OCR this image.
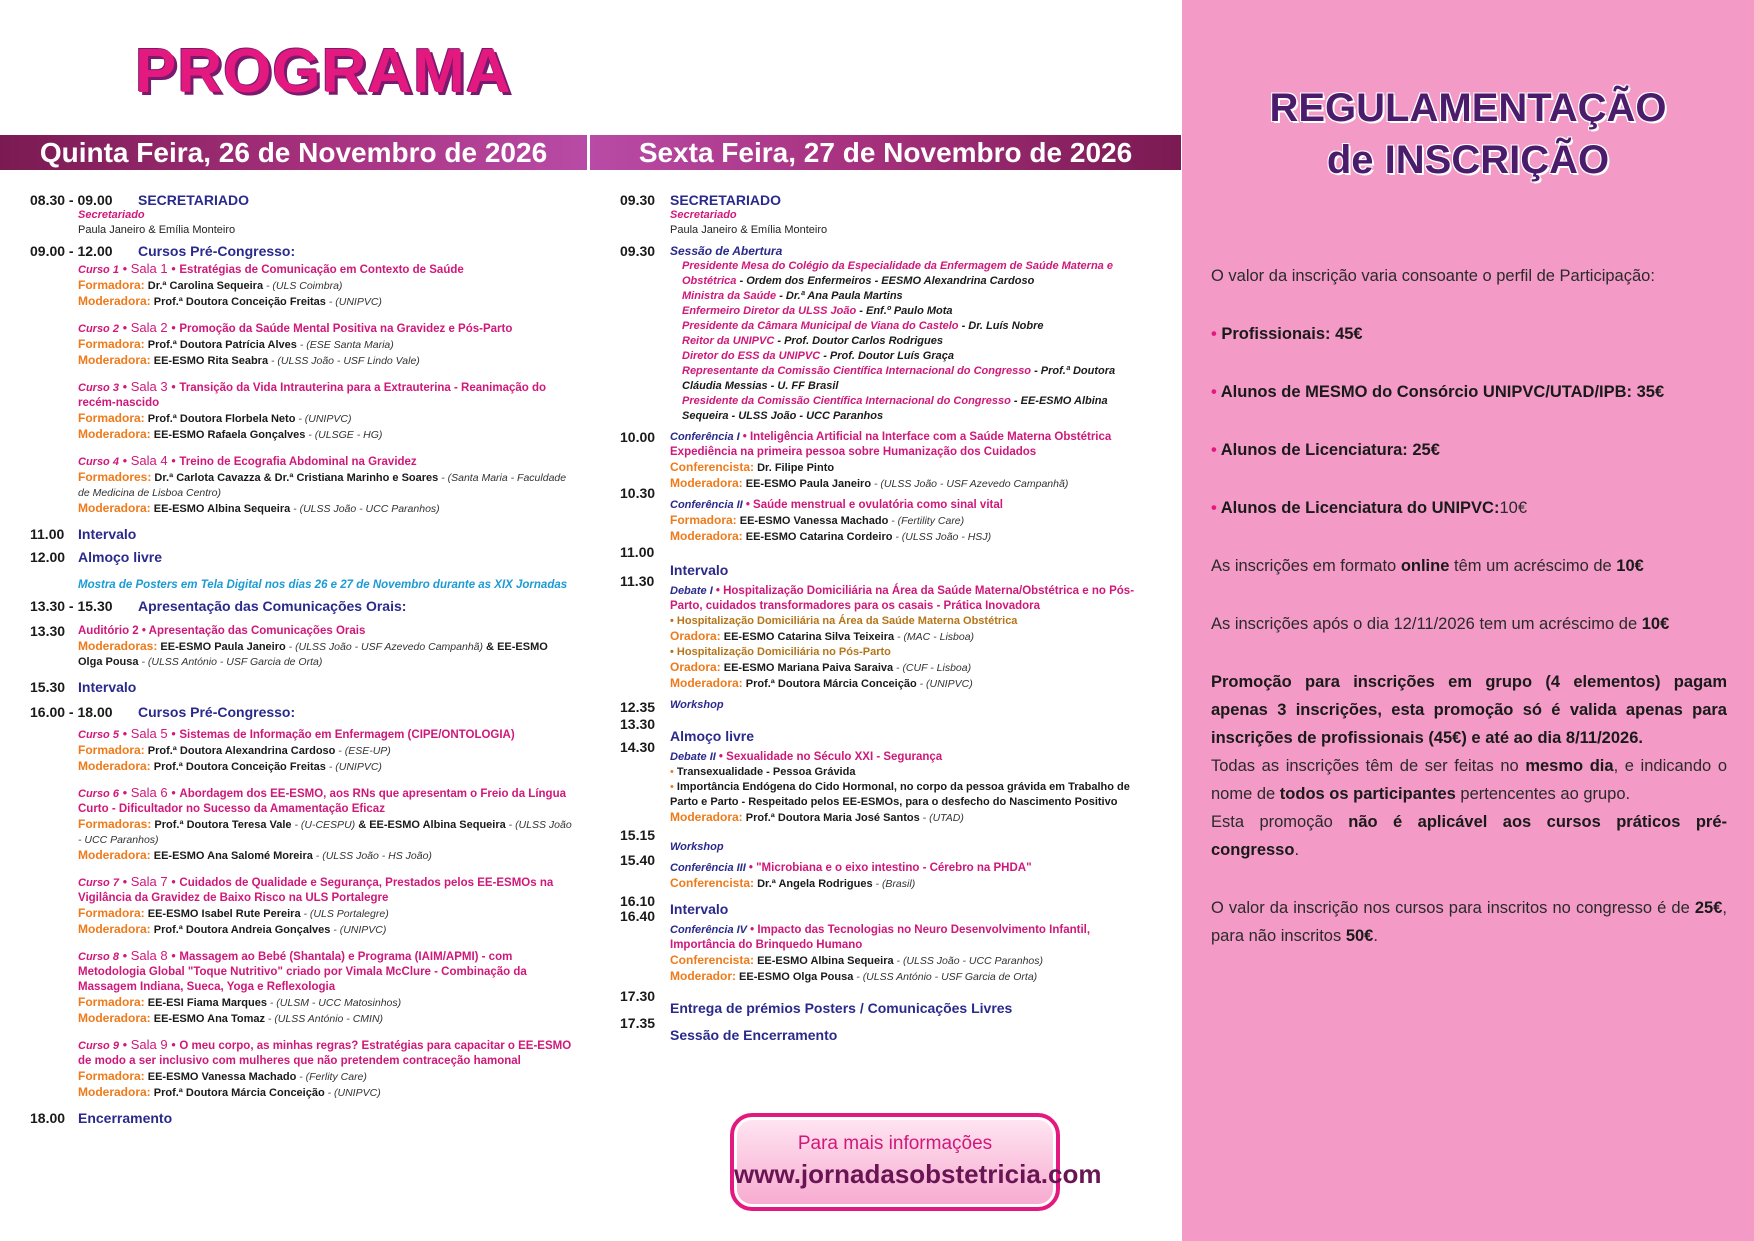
PROGRAMA
Quinta Feira, 26 de Novembro de 2026	Sexta Feira, 27 de Novembro de 2026
08.30 - 09.00 SECRETARIADO
Secretariado
Paula Janeiro & Emília Monteiro
09.00 - 12.00 Cursos Pré-Congresso:
Curso 1 • Sala 1 • Estratégias de Comunicação em Contexto de Saúde
Formadora: Dr.ª Carolina Sequeira - (ULS Coimbra)
Moderadora: Prof.ª Doutora Conceição Freitas - (UNIPVC)
Curso 2 • Sala 2 • Promoção da Saúde Mental Positiva na Gravidez e Pós-Parto
Formadora: Prof.ª Doutora Patrícia Alves - (ESE Santa Maria)
Moderadora: EE-ESMO Rita Seabra - (ULSS João - USF Lindo Vale)
Curso 3 • Sala 3 • Transição da Vida Intrauterina para a Extrauterina - Reanimação do recém-nascido
Formadora: Prof.ª Doutora Florbela Neto - (UNIPVC)
Moderadora: EE-ESMO Rafaela Gonçalves - (ULSGE - HG)
Curso 4 • Sala 4 • Treino de Ecografia Abdominal na Gravidez
Formadores: Dr.ª Carlota Cavazza & Dr.ª Cristiana Marinho e Soares - (Santa Maria - Faculdade de Medicina de Lisboa Centro)
Moderadora: EE-ESMO Albina Sequeira - (ULSS João - UCC Paranhos)
11.00 Intervalo
12.00 Almoço livre
Mostra de Posters em Tela Digital nos dias 26 e 27 de Novembro durante as XIX Jornadas
13.30 - 15.30 Apresentação das Comunicações Orais:
13.30 Auditório 2 • Apresentação das Comunicações Orais
Moderadoras: EE-ESMO Paula Janeiro - (ULSS João - USF Azevedo Campanhã) & EE-ESMO Olga Pousa - (ULSS António - USF Garcia de Orta)
15.30 Intervalo
16.00 - 18.00 Cursos Pré-Congresso:
Curso 5 • Sala 5 • Sistemas de Informação em Enfermagem (CIPE/ONTOLOGIA)
Formadora: Prof.ª Doutora Alexandrina Cardoso - (ESE-UP)
Moderadora: Prof.ª Doutora Conceição Freitas - (UNIPVC)
Curso 6 • Sala 6 • Abordagem dos EE-ESMO, aos RNs que apresentam o Freio da Língua Curto - Dificultador no Sucesso da Amamentação Eficaz
Formadoras: Prof.ª Doutora Teresa Vale - (U-CESPU) & EE-ESMO Albina Sequeira - (ULSS João - UCC Paranhos)
Moderadora: EE-ESMO Ana Salomé Moreira - (ULSS João - HS João)
Curso 7 • Sala 7 • Cuidados de Qualidade e Segurança, Prestados pelos EE-ESMOs na Vigilância da Gravidez de Baixo Risco na ULS Portalegre
Formadora: EE-ESMO Isabel Rute Pereira - (ULS Portalegre)
Moderadora: Prof.ª Doutora Andreia Gonçalves - (UNIPVC)
Curso 8 • Sala 8 • Massagem ao Bebé (Shantala) e Programa (IAIM/APMI) - com Metodologia Global "Toque Nutritivo" criado por Vimala McClure - Combinação da Massagem Indiana, Sueca, Yoga e Reflexologia
Formadora: EE-ESI Fiama Marques - (ULSM - UCC Matosinhos)
Moderadora: EE-ESMO Ana Tomaz - (ULSS António - CMIN)
Curso 9 • Sala 9 • O meu corpo, as minhas regras? Estratégias para capacitar o EE-ESMO de modo a ser inclusivo com mulheres que não pretendem contraceção hamonal
Formadora: EE-ESMO Vanessa Machado - (Ferlity Care)
Moderadora: Prof.ª Doutora Márcia Conceição - (UNIPVC)
18.00 Encerramento
09.30 SECRETARIADO
Secretariado
Paula Janeiro & Emília Monteiro
09.30 Sessão de Abertura
Presidente Mesa do Colégio da Especialidade da Enfermagem de Saúde Materna e Obstétrica - Ordem dos Enfermeiros - EESMO Alexandrina Cardoso
Ministra da Saúde - Dr.ª Ana Paula Martins
Enfermeiro Diretor da ULSS João - Enf.º Paulo Mota
Presidente da Câmara Municipal de Viana do Castelo - Dr. Luís Nobre
Reitor da UNIPVC - Prof. Doutor Carlos Rodrigues
Diretor do ESS da UNIPVC - Prof. Doutor Luís Graça
Representante da Comissão Científica Internacional do Congresso - Prof.ª Doutora Cláudia Messias - U. FF Brasil
Presidente da Comissão Científica Internacional do Congresso - EE-ESMO Albina Sequeira - ULSS João - UCC Paranhos
10.00 Conferência I • Inteligência Artificial na Interface com a Saúde Materna Obstétrica Expediência na primeira pessoa sobre Humanização dos Cuidados
Conferencista: Dr. Filipe Pinto
Moderadora: EE-ESMO Paula Janeiro - (ULSS João - USF Azevedo Campanhã)
10.30
Conferência II • Saúde menstrual e ovulatória como sinal vital
Formadora: EE-ESMO Vanessa Machado - (Fertility Care)
Moderadora: EE-ESMO Catarina Cordeiro - (ULSS João - HSJ)
11.00
Intervalo
11.30
Debate I • Hospitalização Domiciliária na Área da Saúde Materna/Obstétrica e no Pós-Parto, cuidados transformadores para os casais - Prática Inovadora
• Hospitalização Domiciliária na Área da Saúde Materna Obstétrica
Oradora: EE-ESMO Catarina Silva Teixeira - (MAC - Lisboa)
• Hospitalização Domiciliária no Pós-Parto
Oradora: EE-ESMO Mariana Paiva Saraiva - (CUF - Lisboa)
Moderadora: Prof.ª Doutora Márcia Conceição - (UNIPVC)
12.35 Workshop
13.30
Almoço livre
14.30
Debate II • Sexualidade no Século XXI - Segurança
• Transexualidade - Pessoa Grávida
• Importância Endógena do Cido Hormonal, no corpo da pessoa grávida em Trabalho de Parto e Parto - Respeitado pelos EE-ESMOs, para o desfecho do Nascimento Positivo
Moderadora: Prof.ª Doutora Maria José Santos - (UTAD)
15.15
Workshop
15.40 Conferência III • "Microbiana e o eixo intestino - Cérebro na PHDA"
Conferencista: Dr.ª Angela Rodrigues - (Brasil)
16.10 Intervalo
16.40
Conferência IV • Impacto das Tecnologias no Neuro Desenvolvimento Infantil, Importância do Brinquedo Humano
Conferencista: EE-ESMO Albina Sequeira - (ULSS João - UCC Paranhos)
Moderador: EE-ESMO Olga Pousa - (ULSS António - USF Garcia de Orta)
17.30
Entrega de prémios Posters / Comunicações Livres
17.35
Sessão de Encerramento
Para mais informações
www.jornadasobstetricia.com
REGULAMENTAÇÃO
de INSCRIÇÃO

O valor da inscrição varia consoante o perfil de Participação:

• Profissionais: 45€

• Alunos de MESMO do Consórcio UNIPVC/UTAD/IPB: 35€

• Alunos de Licenciatura: 25€

• Alunos de Licenciatura do UNIPVC:10€

As inscrições em formato online têm um acréscimo de 10€

As inscrições após o dia 12/11/2026 tem um acréscimo de 10€

Promoção para inscrições em grupo (4 elementos) pagam apenas 3 inscrições, esta promoção só é valida apenas para inscrições de profissionais (45€) e até ao dia 8/11/2026.
Todas as inscrições têm de ser feitas no mesmo dia, e indicando o nome de todos os participantes pertencentes ao grupo.
Esta promoção não é aplicável aos cursos práticos pré-congresso.

O valor da inscrição nos cursos para inscritos no congresso é de 25€, para não inscritos 50€.
